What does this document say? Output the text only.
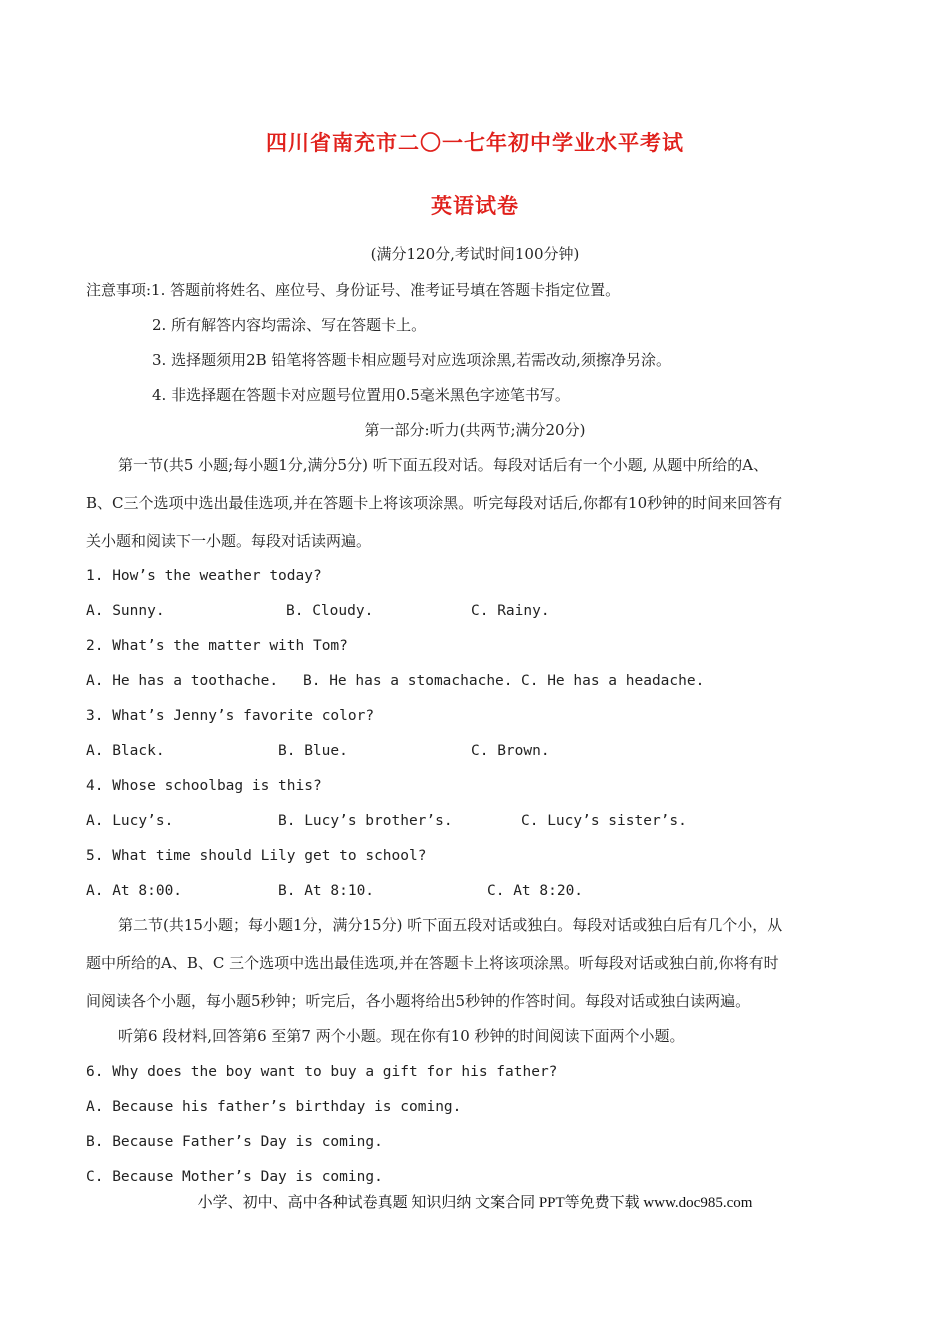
四川省南充市二〇一七年初中学业水平考试
英语试卷
(满分120分,考试时间100分钟)
注意事项:1. 答题前将姓名、座位号、身份证号、准考证号填在答题卡指定位置。
2. 所有解答内容均需涂、写在答题卡上。
3. 选择题须用2B 铅笔将答题卡相应题号对应选项涂黑,若需改动,须擦净另涂。
4. 非选择题在答题卡对应题号位置用0.5毫米黑色字迹笔书写。
第一部分:听力(共两节;满分20分)
第一节(共5 小题;每小题1分,满分5分) 听下面五段对话。每段对话后有一个小题, 从题中所给的A、
B、C三个选项中选出最佳选项,并在答题卡上将该项涂黑。听完每段对话后,你都有10秒钟的时间来回答有
关小题和阅读下一小题。每段对话读两遍。
1. How’s the weather today?
A. Sunny.	B. Cloudy.	C. Rainy.
2. What’s the matter with Tom?
A. He has a toothache. B. He has a stomachache. C. He has a headache.
3. What’s Jenny’s favorite color?
A. Black.	B. Blue.	C. Brown.
4. Whose schoolbag is this?
A. Lucy’s.	B. Lucy’s brother’s.	C. Lucy’s sister’s.
5. What time should Lily get to school?
A. At 8:00.	B. At 8:10.	C. At 8:20.
第二节(共15小题；每小题1分，满分15分) 听下面五段对话或独白。每段对话或独白后有几个小，从
题中所给的A、B、C 三个选项中选出最佳选项,并在答题卡上将该项涂黑。听每段对话或独白前,你将有时
间阅读各个小题，每小题5秒钟；听完后，各小题将给出5秒钟的作答时间。每段对话或独白读两遍。
听第6 段材料,回答第6 至第7 两个小题。现在你有10 秒钟的时间阅读下面两个小题。
6. Why does the boy want to buy a gift for his father?
A. Because his father’s birthday is coming.
B. Because Father’s Day is coming.
C. Because Mother’s Day is coming.
小学、初中、高中各种试卷真题 知识归纳 文案合同 PPT等免费下载 www.doc985.com
